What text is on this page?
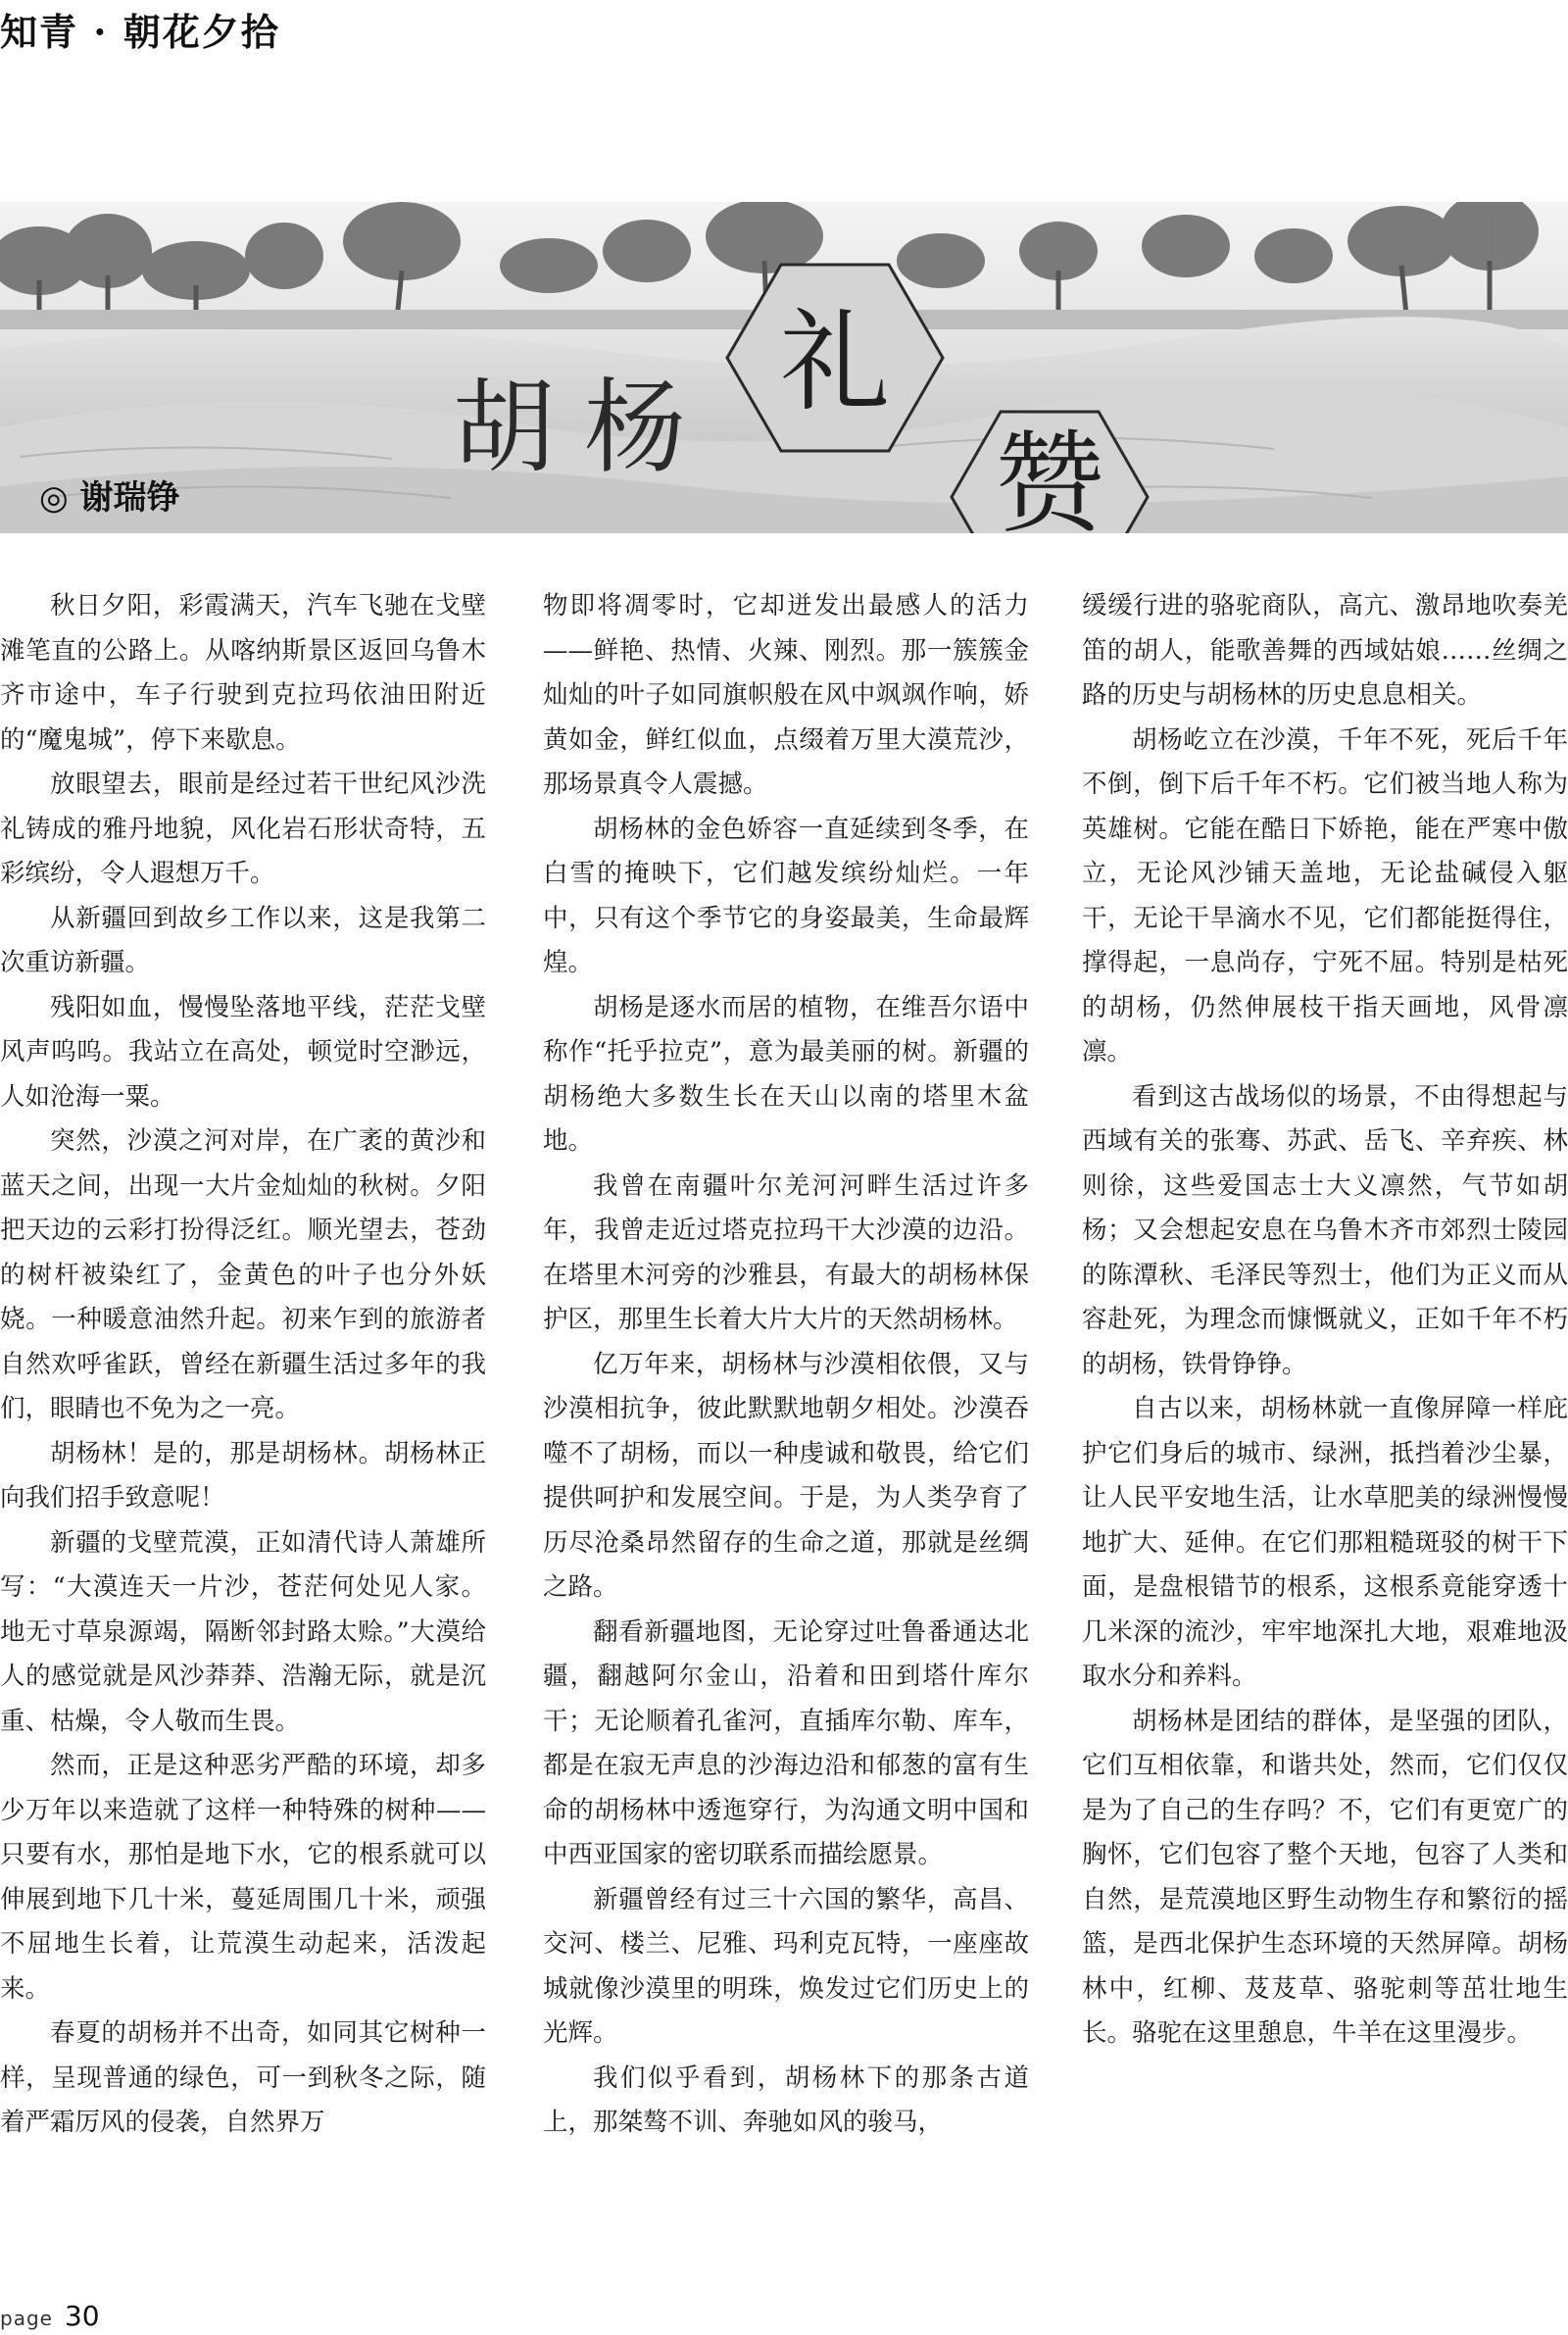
知青 · 朝花夕拾
胡杨
礼
赞
◎ 谢瑞铮

秋日夕阳，彩霞满天，汽车飞驰在戈壁滩笔直的公路上。从喀纳斯景区返回乌鲁木齐市途中，车子行驶到克拉玛依油田附近的“魔鬼城”，停下来歇息。

放眼望去，眼前是经过若干世纪风沙洗礼铸成的雅丹地貌，风化岩石形状奇特，五彩缤纷，令人遐想万千。

从新疆回到故乡工作以来，这是我第二次重访新疆。

残阳如血，慢慢坠落地平线，茫茫戈壁风声呜呜。我站立在高处，顿觉时空渺远，人如沧海一粟。

突然，沙漠之河对岸，在广袤的黄沙和蓝天之间，出现一大片金灿灿的秋树。夕阳把天边的云彩打扮得泛红。顺光望去，苍劲的树杆被染红了，金黄色的叶子也分外妖娆。一种暖意油然升起。初来乍到的旅游者自然欢呼雀跃，曾经在新疆生活过多年的我们，眼睛也不免为之一亮。

胡杨林！是的，那是胡杨林。胡杨林正向我们招手致意呢！

新疆的戈壁荒漠，正如清代诗人萧雄所写：“大漠连天一片沙，苍茫何处见人家。地无寸草泉源竭，隔断邻封路太赊。”大漠给人的感觉就是风沙莽莽、浩瀚无际，就是沉重、枯燥，令人敬而生畏。

然而，正是这种恶劣严酷的环境，却多少万年以来造就了这样一种特殊的树种——只要有水，那怕是地下水，它的根系就可以伸展到地下几十米，蔓延周围几十米，顽强不屈地生长着，让荒漠生动起来，活泼起来。

春夏的胡杨并不出奇，如同其它树种一样，呈现普通的绿色，可一到秋冬之际，随着严霜厉风的侵袭，自然界万

物即将凋零时，它却迸发出最感人的活力——鲜艳、热情、火辣、刚烈。那一簇簇金灿灿的叶子如同旗帜般在风中飒飒作响，娇黄如金，鲜红似血，点缀着万里大漠荒沙，那场景真令人震撼。

胡杨林的金色娇容一直延续到冬季，在白雪的掩映下，它们越发缤纷灿烂。一年中，只有这个季节它的身姿最美，生命最辉煌。

胡杨是逐水而居的植物，在维吾尔语中称作“托乎拉克”，意为最美丽的树。新疆的胡杨绝大多数生长在天山以南的塔里木盆地。

我曾在南疆叶尔羌河河畔生活过许多年，我曾走近过塔克拉玛干大沙漠的边沿。在塔里木河旁的沙雅县，有最大的胡杨林保护区，那里生长着大片大片的天然胡杨林。

亿万年来，胡杨林与沙漠相依偎，又与沙漠相抗争，彼此默默地朝夕相处。沙漠吞噬不了胡杨，而以一种虔诚和敬畏，给它们提供呵护和发展空间。于是，为人类孕育了历尽沧桑昂然留存的生命之道，那就是丝绸之路。

翻看新疆地图，无论穿过吐鲁番通达北疆，翻越阿尔金山，沿着和田到塔什库尔干；无论顺着孔雀河，直插库尔勒、库车，都是在寂无声息的沙海边沿和郁葱的富有生命的胡杨林中透迤穿行，为沟通文明中国和中西亚国家的密切联系而描绘愿景。

新疆曾经有过三十六国的繁华，高昌、交河、楼兰、尼雅、玛利克瓦特，一座座故城就像沙漠里的明珠，焕发过它们历史上的光辉。

我们似乎看到，胡杨林下的那条古道上，那桀骜不训、奔驰如风的骏马，

缓缓行进的骆驼商队，高亢、激昂地吹奏羌笛的胡人，能歌善舞的西域姑娘……丝绸之路的历史与胡杨林的历史息息相关。

胡杨屹立在沙漠，千年不死，死后千年不倒，倒下后千年不朽。它们被当地人称为英雄树。它能在酷日下娇艳，能在严寒中傲立，无论风沙铺天盖地，无论盐碱侵入躯干，无论干旱滴水不见，它们都能挺得住，撑得起，一息尚存，宁死不屈。特别是枯死的胡杨，仍然伸展枝干指天画地，风骨凛凛。

看到这古战场似的场景，不由得想起与西域有关的张骞、苏武、岳飞、辛弃疾、林则徐，这些爱国志士大义凛然，气节如胡杨；又会想起安息在乌鲁木齐市郊烈士陵园的陈潭秋、毛泽民等烈士，他们为正义而从容赴死，为理念而慷慨就义，正如千年不朽的胡杨，铁骨铮铮。

自古以来，胡杨林就一直像屏障一样庇护它们身后的城市、绿洲，抵挡着沙尘暴，让人民平安地生活，让水草肥美的绿洲慢慢地扩大、延伸。在它们那粗糙斑驳的树干下面，是盘根错节的根系，这根系竟能穿透十几米深的流沙，牢牢地深扎大地，艰难地汲取水分和养料。

胡杨林是团结的群体，是坚强的团队，它们互相依靠，和谐共处，然而，它们仅仅是为了自己的生存吗？不，它们有更宽广的胸怀，它们包容了整个天地，包容了人类和自然，是荒漠地区野生动物生存和繁衍的摇篮，是西北保护生态环境的天然屏障。胡杨林中，红柳、芨芨草、骆驼刺等茁壮地生长。骆驼在这里憩息，牛羊在这里漫步。

page 30
